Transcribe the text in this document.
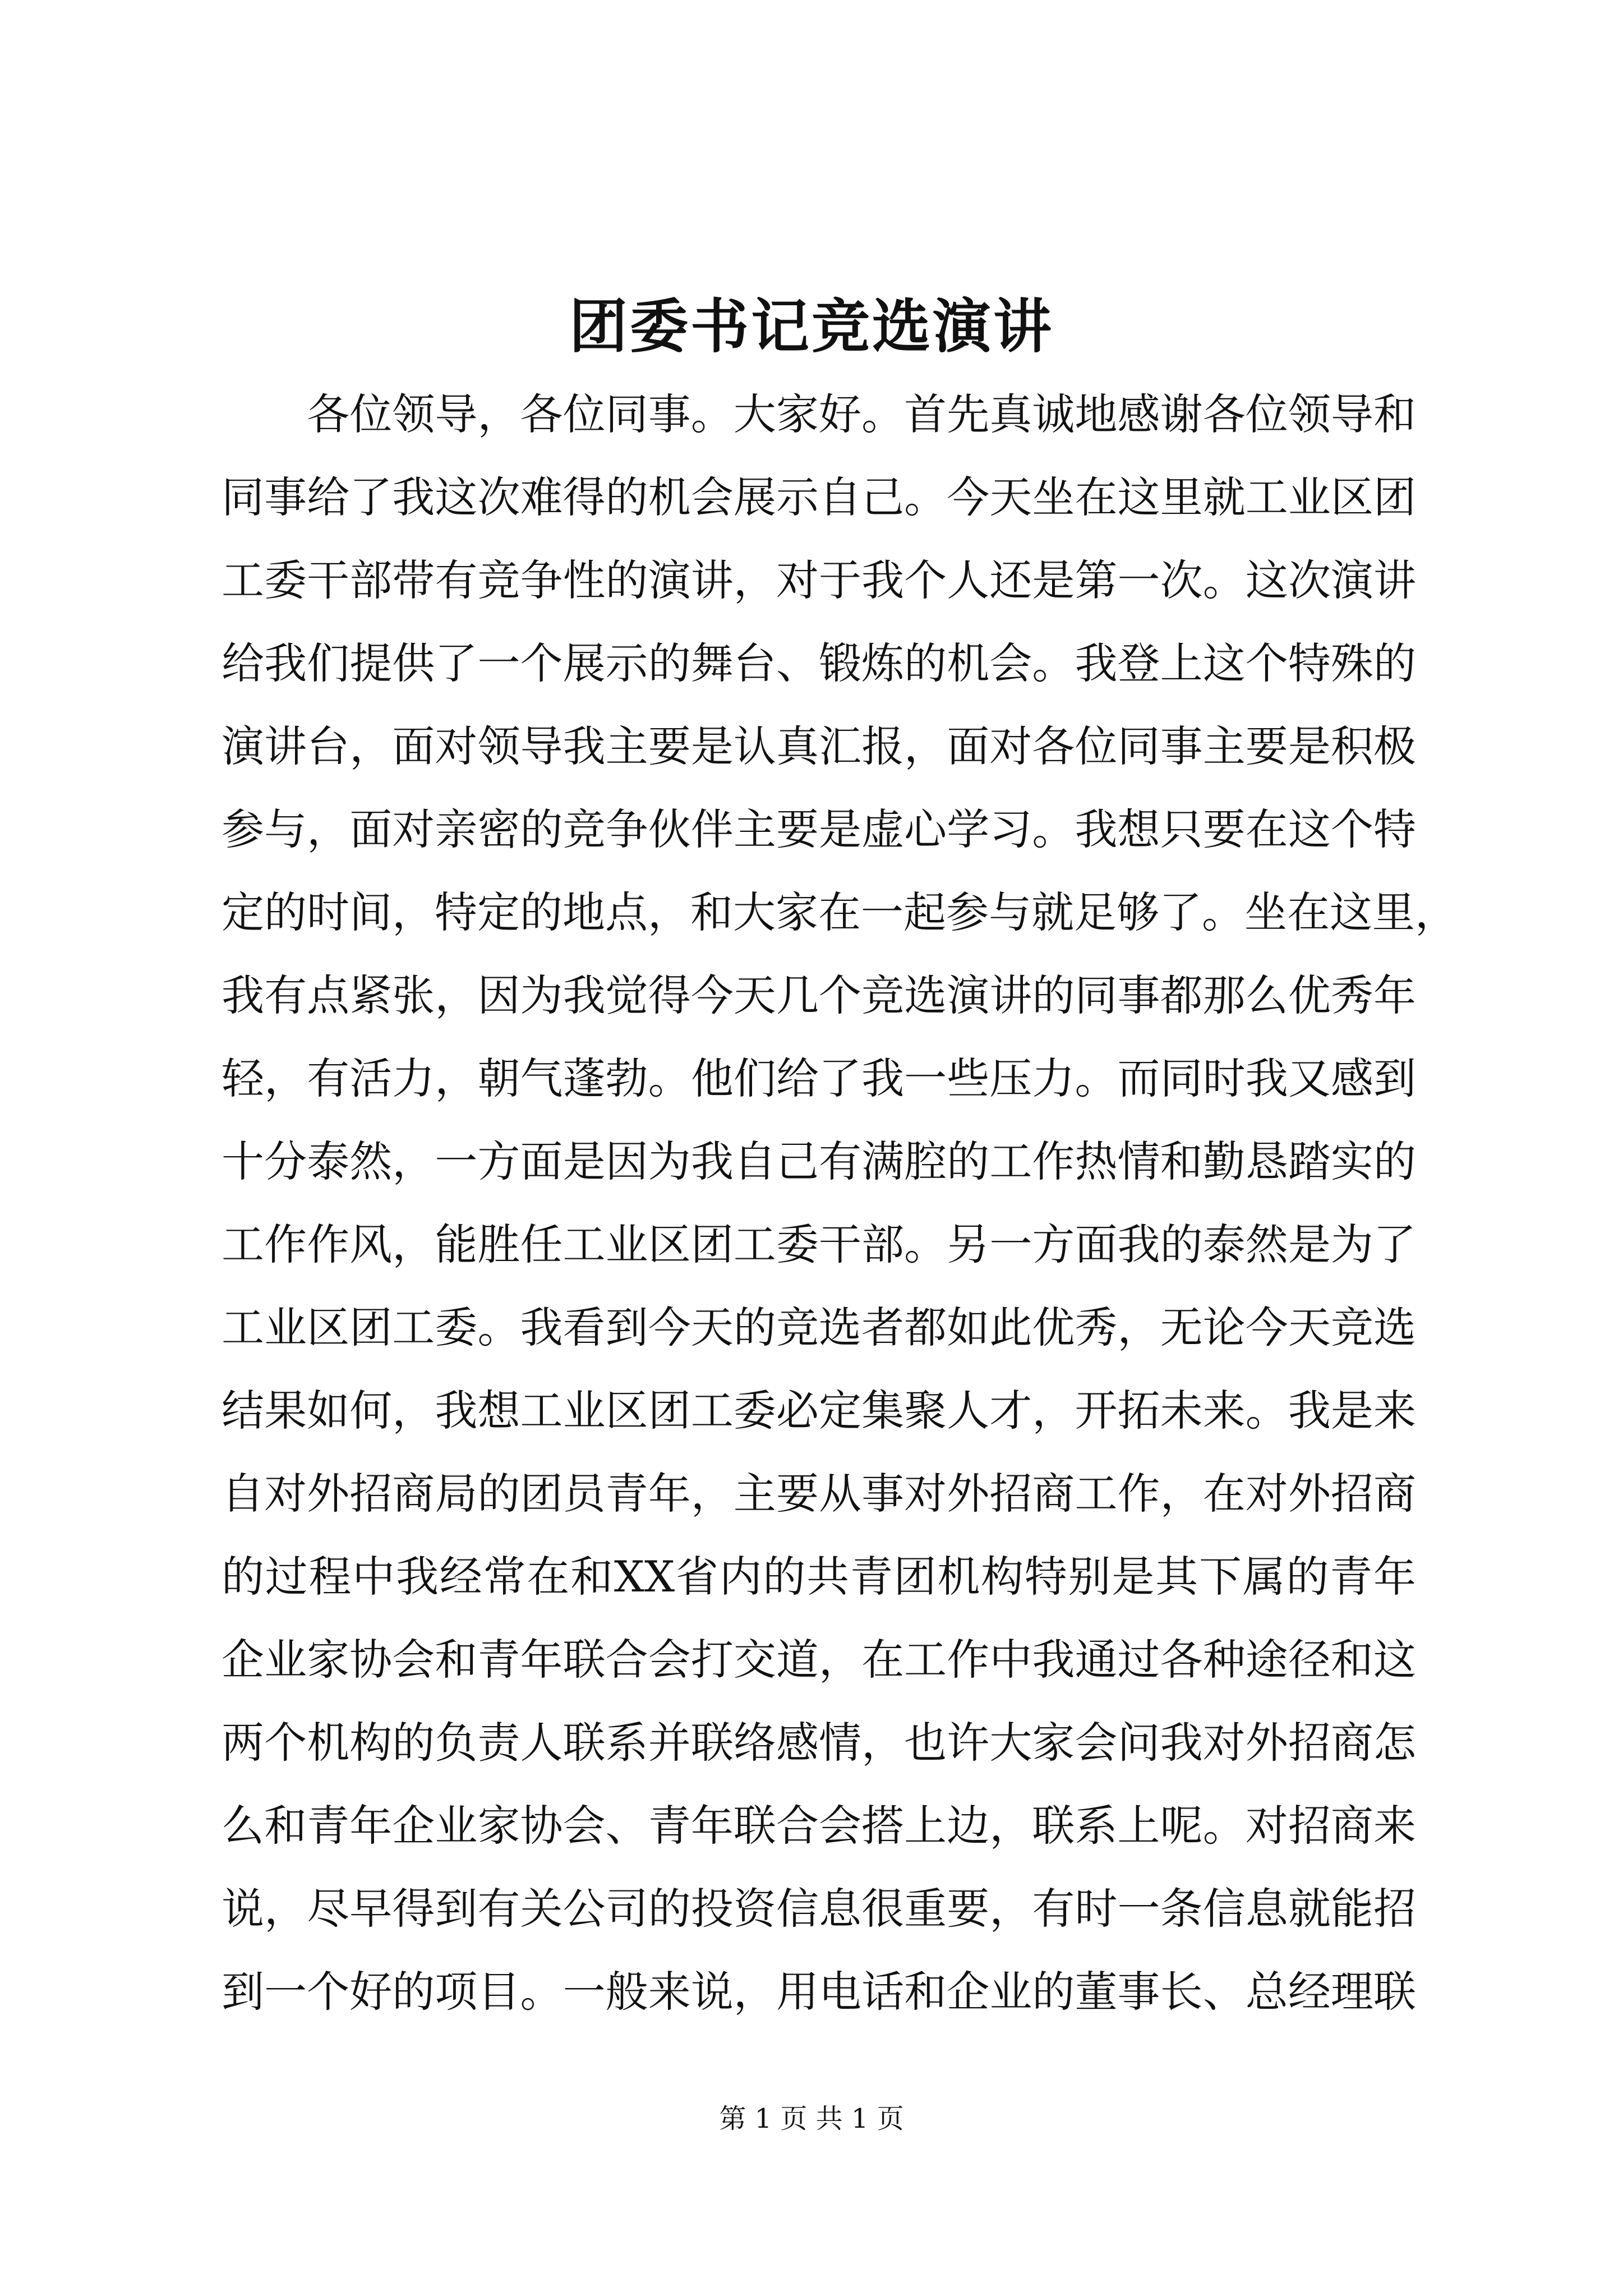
团委书记竞选演讲
　　各位领导，各位同事。大家好。首先真诚地感谢各位领导和
同事给了我这次难得的机会展示自己。今天坐在这里就工业区团
工委干部带有竞争性的演讲，对于我个人还是第一次。这次演讲
给我们提供了一个展示的舞台、锻炼的机会。我登上这个特殊的
演讲台，面对领导我主要是认真汇报，面对各位同事主要是积极
参与，面对亲密的竞争伙伴主要是虚心学习。我想只要在这个特
定的时间，特定的地点，和大家在一起参与就足够了。坐在这里，
我有点紧张，因为我觉得今天几个竞选演讲的同事都那么优秀年
轻，有活力，朝气蓬勃。他们给了我一些压力。而同时我又感到
十分泰然，一方面是因为我自己有满腔的工作热情和勤恳踏实的
工作作风，能胜任工业区团工委干部。另一方面我的泰然是为了
工业区团工委。我看到今天的竞选者都如此优秀，无论今天竞选
结果如何，我想工业区团工委必定集聚人才，开拓未来。我是来
自对外招商局的团员青年，主要从事对外招商工作，在对外招商
的过程中我经常在和XX省内的共青团机构特别是其下属的青年
企业家协会和青年联合会打交道，在工作中我通过各种途径和这
两个机构的负责人联系并联络感情，也许大家会问我对外招商怎
么和青年企业家协会、青年联合会搭上边，联系上呢。对招商来
说，尽早得到有关公司的投资信息很重要，有时一条信息就能招
到一个好的项目。一般来说，用电话和企业的董事长、总经理联
第 1 页 共 1 页
